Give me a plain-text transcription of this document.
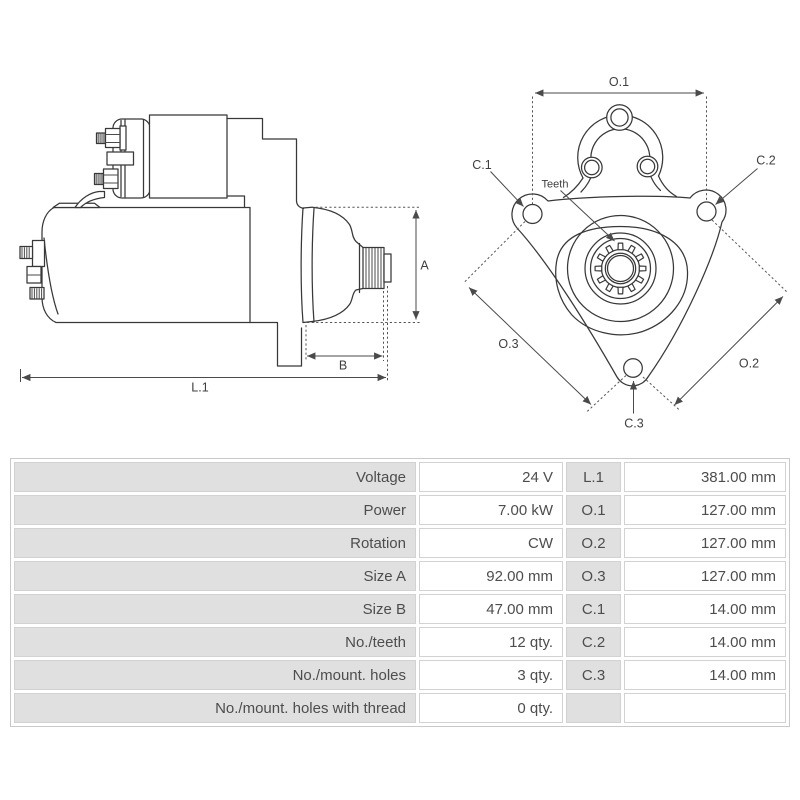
A
B
L.1
O.1
C.1	C.2
Teeth
O.3
O.2
C.3
Voltage	24 V	L.1	381.00 mm
Power	7.00 kW	O.1	127.00 mm
Rotation	CW	O.2	127.00 mm
Size A	92.00 mm	O.3	127.00 mm
Size B	47.00 mm	C.1	14.00 mm
No./teeth	12 qty.	C.2	14.00 mm
No./mount. holes	3 qty.	C.3	14.00 mm
No./mount. holes with thread	0 qty.		
